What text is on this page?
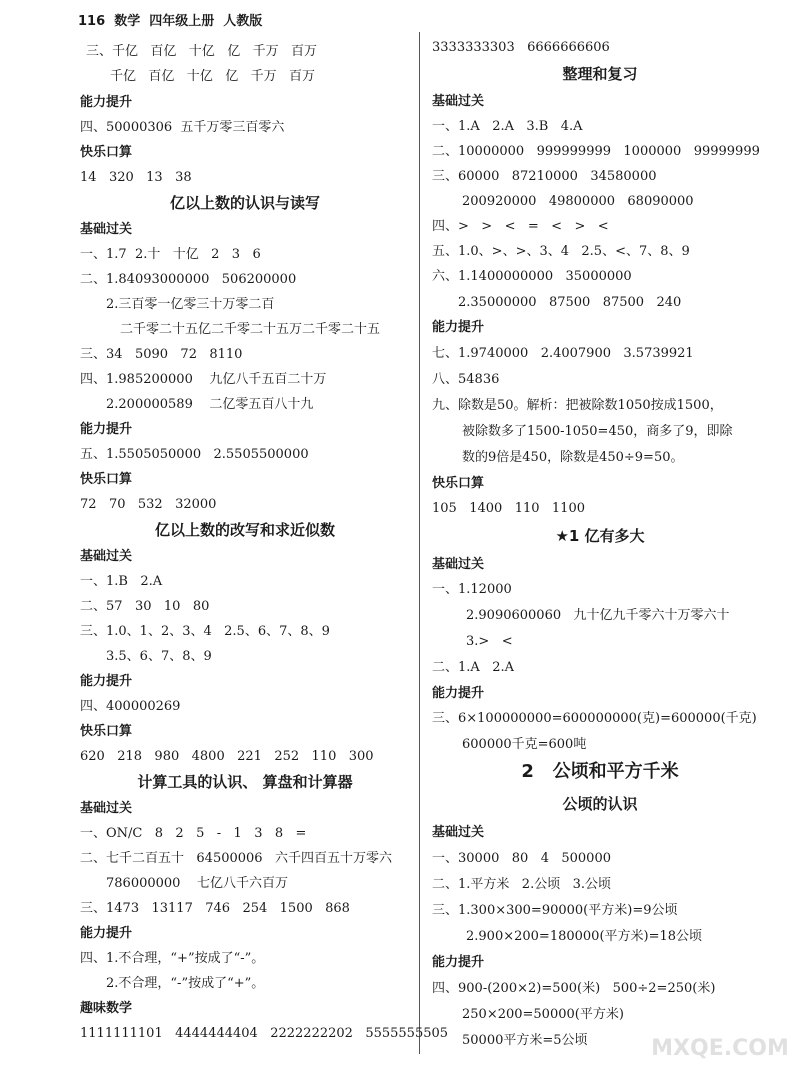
116  数学  四年级上册  人教版
三、千亿   百亿   十亿   亿   千万   百万
千亿   百亿   十亿   亿   千万   百万
能力提升
四、50000306  五千万零三百零六
快乐口算
14   320   13   38
亿以上数的认识与读写
基础过关
一、1.7  2.十   十亿   2   3   6
二、1.84093000000   506200000
2.三百零一亿零三十万零二百
二千零二十五亿二千零二十五万二千零二十五
三、34   5090   72   8110
四、1.985200000    九亿八千五百二十万
2.200000589    二亿零五百八十九
能力提升
五、1.5505050000   2.5505500000
快乐口算
72   70   532   32000
亿以上数的改写和求近似数
基础过关
一、1.B   2.A
二、57   30   10   80
三、1.0、1、2、3、4   2.5、6、7、8、9
3.5、6、7、8、9
能力提升
四、400000269
快乐口算
620   218   980   4800   221   252   110   300
计算工具的认识、 算盘和计算器
基础过关
一、ON/C   8   2   5   -   1   3   8   =
二、七千二百五十   64500006   六千四百五十万零六
786000000    七亿八千六百万
三、1473   13117   746   254   1500   868
能力提升
四、1.不合理，“+”按成了“-”。
2.不合理，“-”按成了“+”。
趣味数学
1111111101   4444444404   2222222202   5555555505
3333333303   6666666606
整理和复习
基础过关
一、1.A   2.A   3.B   4.A
二、10000000   999999999   1000000   99999999
三、60000   87210000   34580000
200920000   49800000   68090000
四、>   >   <   =   <   >   <
五、1.0、>、>、3、4   2.5、<、7、8、9
六、1.1400000000   35000000
2.35000000   87500   87500   240
能力提升
七、1.9740000   2.4007900   3.5739921
八、54836
九、除数是50。解析：把被除数1050按成1500，
被除数多了1500-1050=450，商多了9，即除
数的9倍是450，除数是450÷9=50。
快乐口算
105   1400   110   1100
★1 亿有多大
基础过关
一、1.12000
2.9090600060   九十亿九千零六十万零六十
3.>   <
二、1.A   2.A
能力提升
三、6×100000000=600000000(克)=600000(千克)
600000千克=600吨
2   公顷和平方千米
公顷的认识
基础过关
一、30000   80   4   500000
二、1.平方米   2.公顷   3.公顷
三、1.300×300=90000(平方米)=9公顷
2.900×200=180000(平方米)=18公顷
能力提升
四、900-(200×2)=500(米)   500÷2=250(米)
250×200=50000(平方米)
50000平方米=5公顷	MXQE.COM
